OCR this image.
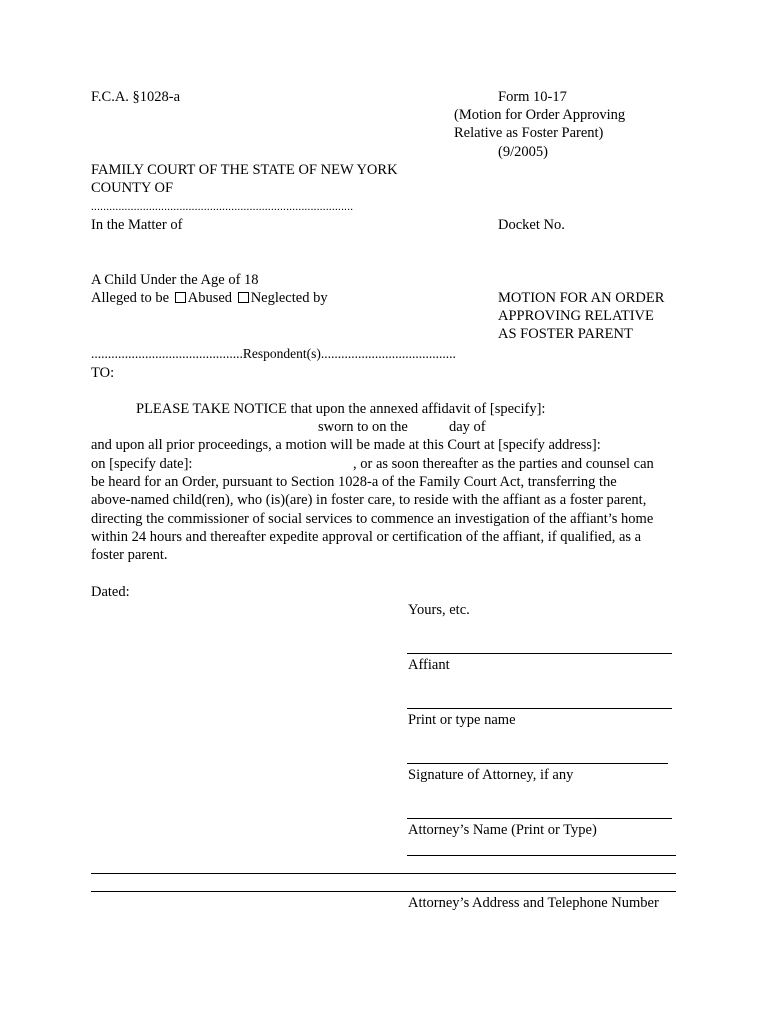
F.C.A. §1028-a	Form 10-17
(Motion for Order Approving
Relative as Foster Parent)
(9/2005)
FAMILY COURT OF THE STATE OF NEW YORK
COUNTY OF
......................................................................................
In the Matter of	Docket No.
A Child Under the Age of 18
Alleged to be Abused Neglected by	MOTION FOR AN ORDER
APPROVING RELATIVE
AS FOSTER PARENT
.............................................Respondent(s)........................................
TO:
PLEASE TAKE NOTICE that upon the annexed affidavit of [specify]:
sworn to on the	day of
and upon all prior proceedings, a motion will be made at this Court at [specify address]:
on [specify date]:	, or as soon thereafter as the parties and counsel can
be heard for an Order, pursuant to Section 1028-a of the Family Court Act, transferring the
above-named child(ren), who (is)(are) in foster care, to reside with the affiant as a foster parent,
directing the commissioner of social services to commence an investigation of the affiant’s home
within 24 hours and thereafter expedite approval or certification of the affiant, if qualified, as a
foster parent.
Dated:
Yours, etc.
Affiant
Print or type name
Signature of Attorney, if any
Attorney’s Name (Print or Type)
Attorney’s Address and Telephone Number
